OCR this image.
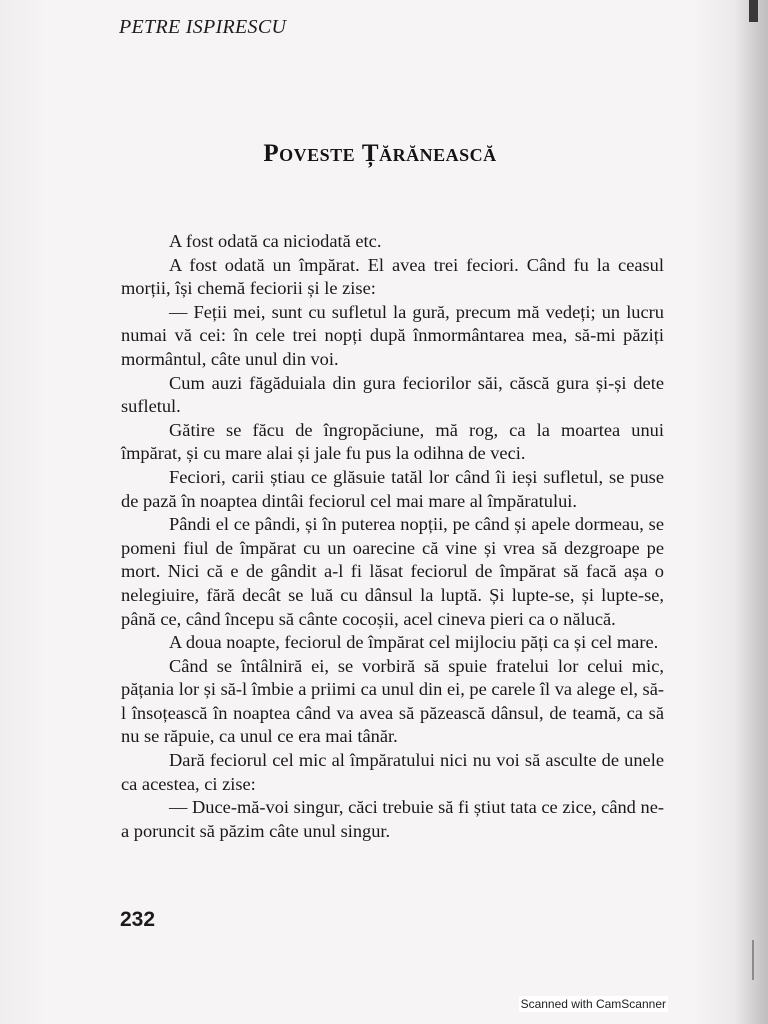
PETRE ISPIRESCU
Poveste Țărănească

A fost odată ca niciodată etc.

A fost odată un împărat. El avea trei feciori. Când fu la ceasul morții, își chemă feciorii și le zise:

— Feții mei, sunt cu sufletul la gură, precum mă vedeți; un lucru numai vă cei: în cele trei nopți după înmormântarea mea, să-mi păziți mormântul, câte unul din voi.

Cum auzi făgăduiala din gura feciorilor săi, căscă gura și-și dete sufletul.

Gătire se făcu de îngropăciune, mă rog, ca la moartea unui împărat, și cu mare alai și jale fu pus la odihna de veci.

Feciori, carii știau ce glăsuie tatăl lor când îi ieși sufletul, se puse de pază în noaptea dintâi feciorul cel mai mare al împăratului.

Pândi el ce pândi, și în puterea nopții, pe când și apele dormeau, se pomeni fiul de împărat cu un oarecine că vine și vrea să dezgroape pe mort. Nici că e de gândit a-l fi lăsat feciorul de împărat să facă așa o nelegiuire, fără decât se luă cu dânsul la luptă. Și lupte-se, și lupte-se, până ce, când începu să cânte cocoșii, acel cineva pieri ca o nălucă.

A doua noapte, feciorul de împărat cel mijlociu păți ca și cel mare.

Când se întâlniră ei, se vorbiră să spuie fratelui lor celui mic, pățania lor și să-l îmbie a priimi ca unul din ei, pe carele îl va alege el, să-l însoțească în noaptea când va avea să păzească dânsul, de teamă, ca să nu se răpuie, ca unul ce era mai tânăr.

Dară feciorul cel mic al împăratului nici nu voi să asculte de unele ca acestea, ci zise:

— Duce-mă-voi singur, căci trebuie să fi știut tata ce zice, când ne-a poruncit să păzim câte unul singur.

232
Scanned with CamScanner
